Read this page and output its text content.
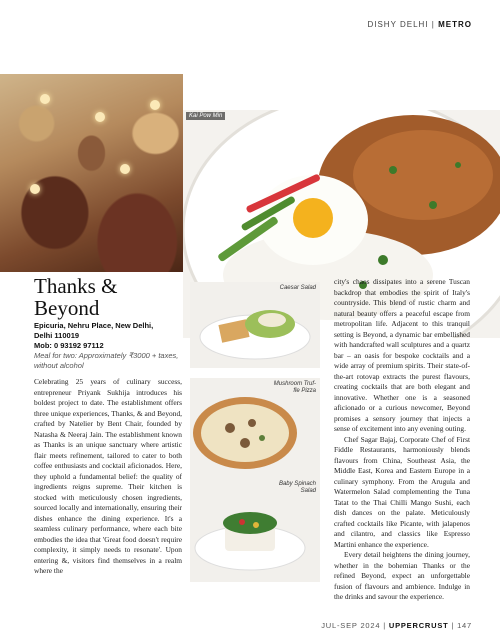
DISHY DELHI | METRO
Kai Pow Min
Thanks & Beyond
Epicuria, Nehru Place, New Delhi,
Delhi 110019
Mob: 0 93192 97112
Meal for two: Approximately ₹3000 + taxes, without alcohol

Celebrating 25 years of culinary success, entrepreneur Priyank Sukhija introduces his boldest project to date. The establishment offers three unique experiences, Thanks, & and Beyond, crafted by Natelier by Bent Chair, founded by Natasha & Neeraj Jain. The establishment known as Thanks is an unique sanctuary where artistic flair meets refinement, tailored to cater to both coffee enthusiasts and cocktail aficionados. Here, they uphold a fundamental belief: the quality of ingredients reigns supreme. Their kitchen is stocked with meticulously chosen ingredients, sourced locally and internationally, ensuring their dishes enhance the dining experience. It's a seamless culinary performance, where each bite embodies the idea that 'Great food doesn't require complexity, it simply needs to resonate'. Upon entering &, visitors find themselves in a realm where the

Caesar Salad
Mushroom Truf-
fle Pizza
Baby Spinach
Salad

city's chaos dissipates into a serene Tuscan backdrop that embodies the spirit of Italy's countryside. This blend of rustic charm and natural beauty offers a peaceful escape from metropolitan life. Adjacent to this tranquil setting is Beyond, a dynamic bar embellished with handcrafted wall sculptures and a quartz bar – an oasis for bespoke cocktails and a wide array of premium spirits. Their state-of-the-art rotovap extracts the purest flavours, creating cocktails that are both elegant and innovative. Whether one is a seasoned aficionado or a curious newcomer, Beyond promises a sensory journey that injects a sense of excitement into any evening outing.

Chef Sagar Bajaj, Corporate Chef of First Fiddle Restaurants, harmoniously blends flavours from China, Southeast Asia, the Middle East, Korea and Eastern Europe in a culinary symphony. From the Arugula and Watermelon Salad complementing the Tuna Tatat to the Thai Chilli Mango Sushi, each dish dances on the palate. Meticulously crafted cocktails like Picante, with jalapenos and cilantro, and classics like Espresso Martini enhance the experience.

Every detail heightens the dining journey, whether in the bohemian Thanks or the refined Beyond, expect an unforgettable fusion of flavours and ambience. Indulge in the drinks and savour the experience.

JUL-SEP 2024 | UPPERCRUST | 147
